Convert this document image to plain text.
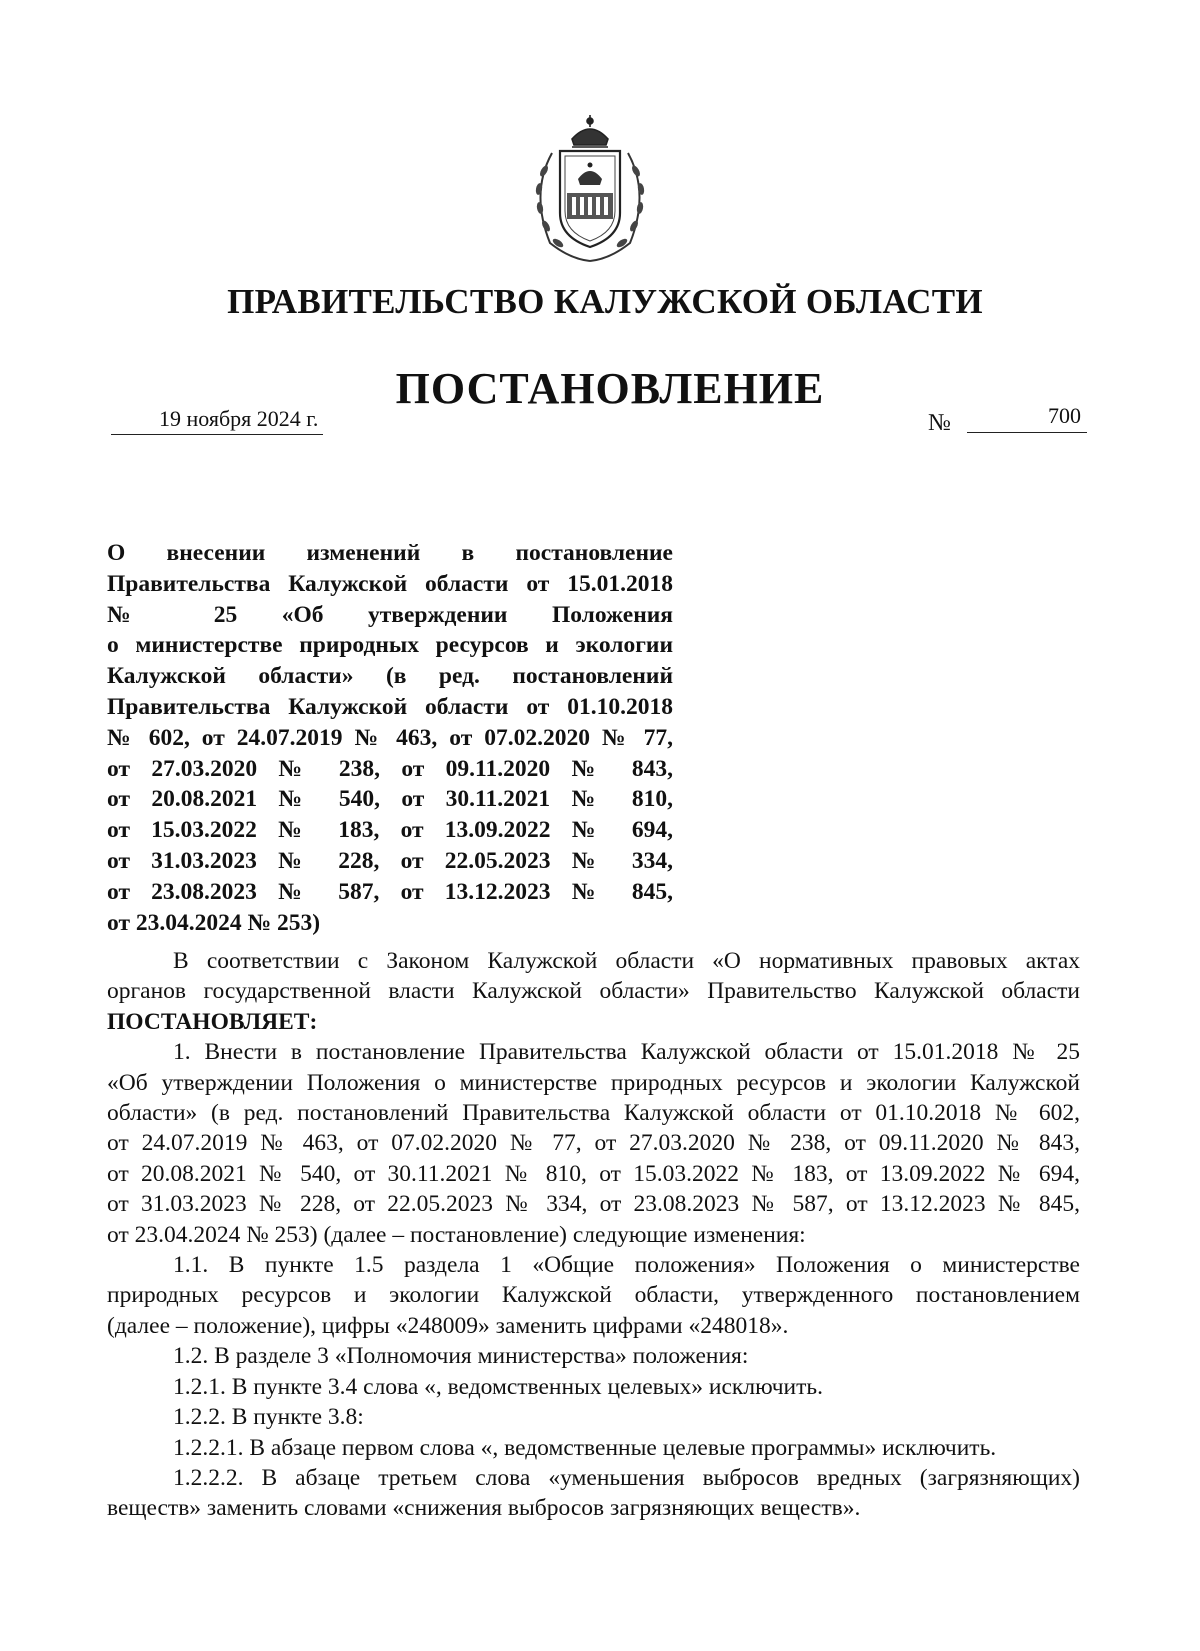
ПРАВИТЕЛЬСТВО КАЛУЖСКОЙ ОБЛАСТИ
ПОСТАНОВЛЕНИЕ
19 ноября 2024 г.	№	700
О внесении изменений в постановление
Правительства Калужской области от 15.01.2018
№ 25 «Об утверждении Положения
о министерстве природных ресурсов и экологии
Калужской области» (в ред. постановлений
Правительства Калужской области от 01.10.2018
№ 602, от 24.07.2019 № 463, от 07.02.2020 № 77,
от 27.03.2020 № 238, от 09.11.2020 № 843,
от 20.08.2021 № 540, от 30.11.2021 № 810,
от 15.03.2022 № 183, от 13.09.2022 № 694,
от 31.03.2023 № 228, от 22.05.2023 № 334,
от 23.08.2023 № 587, от 13.12.2023 № 845,
от 23.04.2024 № 253)
В соответствии с Законом Калужской области «О нормативных правовых актах
органов государственной власти Калужской области» Правительство Калужской области
ПОСТАНОВЛЯЕТ:
1. Внести в постановление Правительства Калужской области от 15.01.2018 № 25
«Об утверждении Положения о министерстве природных ресурсов и экологии Калужской
области» (в ред. постановлений Правительства Калужской области от 01.10.2018 № 602,
от 24.07.2019 № 463, от 07.02.2020 № 77, от 27.03.2020 № 238, от 09.11.2020 № 843,
от 20.08.2021 № 540, от 30.11.2021 № 810, от 15.03.2022 № 183, от 13.09.2022 № 694,
от 31.03.2023 № 228, от 22.05.2023 № 334, от 23.08.2023 № 587, от 13.12.2023 № 845,
от 23.04.2024 № 253) (далее – постановление) следующие изменения:
1.1. В пункте 1.5 раздела 1 «Общие положения» Положения о министерстве
природных ресурсов и экологии Калужской области, утвержденного постановлением
(далее – положение), цифры «248009» заменить цифрами «248018».
1.2. В разделе 3 «Полномочия министерства» положения:
1.2.1. В пункте 3.4 слова «, ведомственных целевых» исключить.
1.2.2. В пункте 3.8:
1.2.2.1. В абзаце первом слова «, ведомственные целевые программы» исключить.
1.2.2.2. В абзаце третьем слова «уменьшения выбросов вредных (загрязняющих)
веществ» заменить словами «снижения выбросов загрязняющих веществ».
